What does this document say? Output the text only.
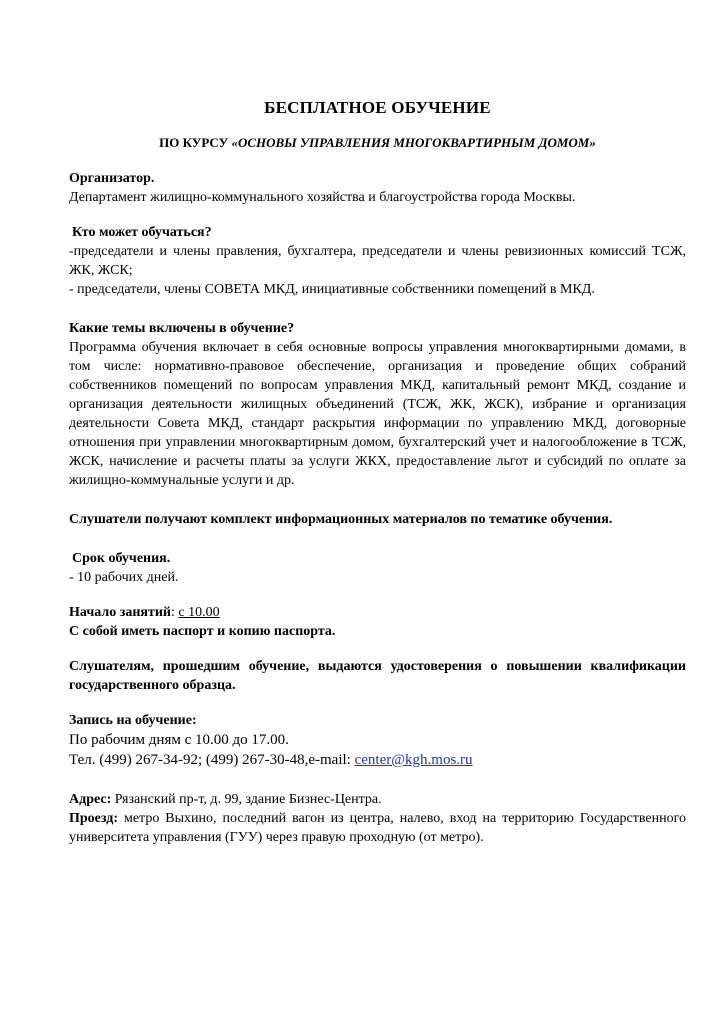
БЕСПЛАТНОЕ ОБУЧЕНИЕ
ПО КУРСУ «ОСНОВЫ УПРАВЛЕНИЯ МНОГОКВАРТИРНЫМ ДОМОМ»
Организатор.
Департамент жилищно-коммунального хозяйства и благоустройства города Москвы.
Кто может обучаться?
-председатели и члены правления, бухгалтера, председатели и члены ревизионных комиссий ТСЖ, ЖК, ЖСК;
- председатели, члены СОВЕТА МКД, инициативные собственники помещений в МКД.
Какие темы включены в обучение?
Программа обучения включает в себя основные вопросы управления многоквартирными домами, в том числе: нормативно-правовое обеспечение, организация и проведение общих собраний собственников помещений по вопросам управления МКД, капитальный ремонт МКД, создание и организация деятельности жилищных объединений (ТСЖ, ЖК, ЖСК), избрание и организация деятельности Совета МКД, стандарт раскрытия информации по управлению МКД, договорные отношения при управлении многоквартирным домом, бухгалтерский учет и налогообложение в ТСЖ, ЖСК, начисление и расчеты платы за услуги ЖКХ, предоставление льгот и субсидий по оплате за жилищно-коммунальные услуги и др.
Слушатели получают комплект информационных материалов по тематике обучения.
Срок обучения.
- 10 рабочих дней.
Начало занятий: с 10.00
С собой иметь паспорт и копию паспорта.
Слушателям, прошедшим обучение, выдаются удостоверения о повышении квалификации государственного образца.
Запись на обучение:
По рабочим дням с 10.00 до 17.00.
Тел. (499) 267-34-92; (499) 267-30-48,e-mail: center@kgh.mos.ru
Адрес: Рязанский пр-т, д. 99, здание Бизнес-Центра.
Проезд: метро Выхино, последний вагон из центра, налево, вход на территорию Государственного университета управления (ГУУ) через правую проходную (от метро).
